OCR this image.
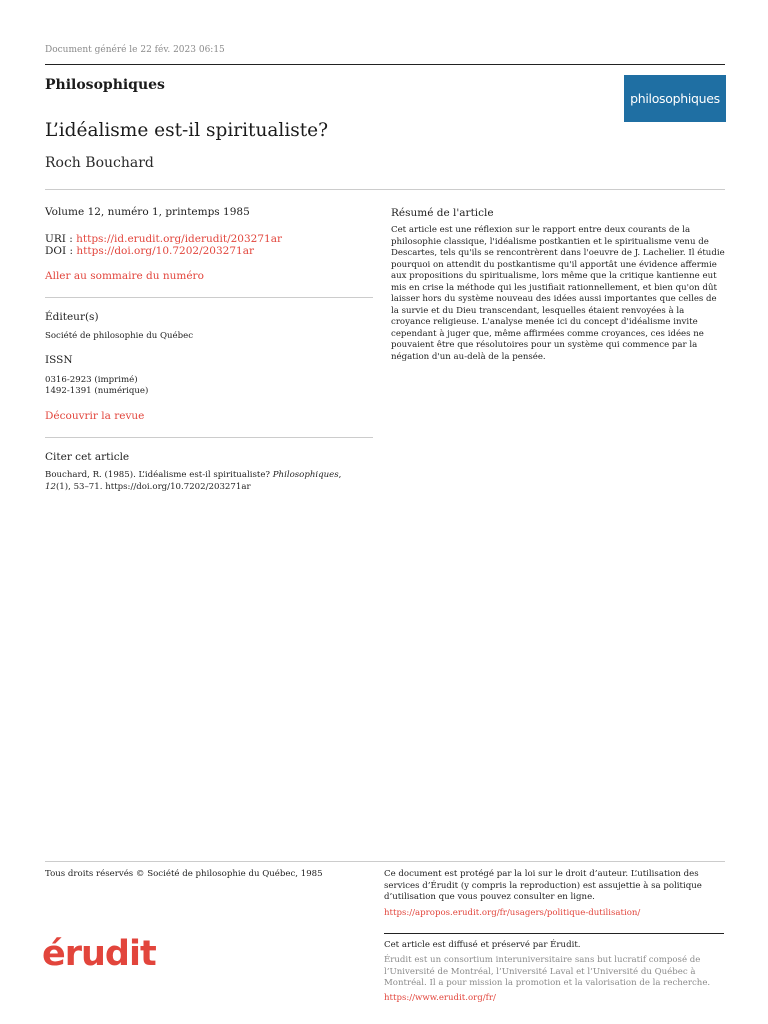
Document généré le 22 fév. 2023 06:15
Philosophiques
philosophiques
L’idéalisme est-il spiritualiste?
Roch Bouchard
Volume 12, numéro 1, printemps 1985
URI : https://id.erudit.org/iderudit/203271ar
DOI : https://doi.org/10.7202/203271ar
Aller au sommaire du numéro
Éditeur(s)
Société de philosophie du Québec
ISSN
0316-2923 (imprimé)
1492-1391 (numérique)
Découvrir la revue
Citer cet article
Bouchard, R. (1985). L’idéalisme est-il spiritualiste? Philosophiques, 12(1), 53–71. https://doi.org/10.7202/203271ar
Résumé de l'article
Cet article est une réflexion sur le rapport entre deux courants de la philosophie classique, l'idéalisme postkantien et le spiritualisme venu de Descartes, tels qu'ils se rencontrèrent dans l'oeuvre de J. Lachelier. Il étudie pourquoi on attendit du postkantisme qu'il apportât une évidence affermie aux propositions du spiritualisme, lors même que la critique kantienne eut mis en crise la méthode qui les justifiait rationnellement, et bien qu'on dût laisser hors du système nouveau des idées aussi importantes que celles de la survie et du Dieu transcendant, lesquelles étaient renvoyées à la croyance religieuse. L'analyse menée ici du concept d'idéalisme invite cependant à juger que, même affirmées comme croyances, ces idées ne pouvaient être que résolutoires pour un système qui commence par la négation d'un au-delà de la pensée.
Tous droits réservés © Société de philosophie du Québec, 1985	Ce document est protégé par la loi sur le droit d’auteur. L’utilisation des services d’Érudit (y compris la reproduction) est assujettie à sa politique d’utilisation que vous pouvez consulter en ligne.
https://apropos.erudit.org/fr/usagers/politique-dutilisation/
érudit	Cet article est diffusé et préservé par Érudit.
Érudit est un consortium interuniversitaire sans but lucratif composé de l’Université de Montréal, l’Université Laval et l’Université du Québec à Montréal. Il a pour mission la promotion et la valorisation de la recherche.
https://www.erudit.org/fr/
